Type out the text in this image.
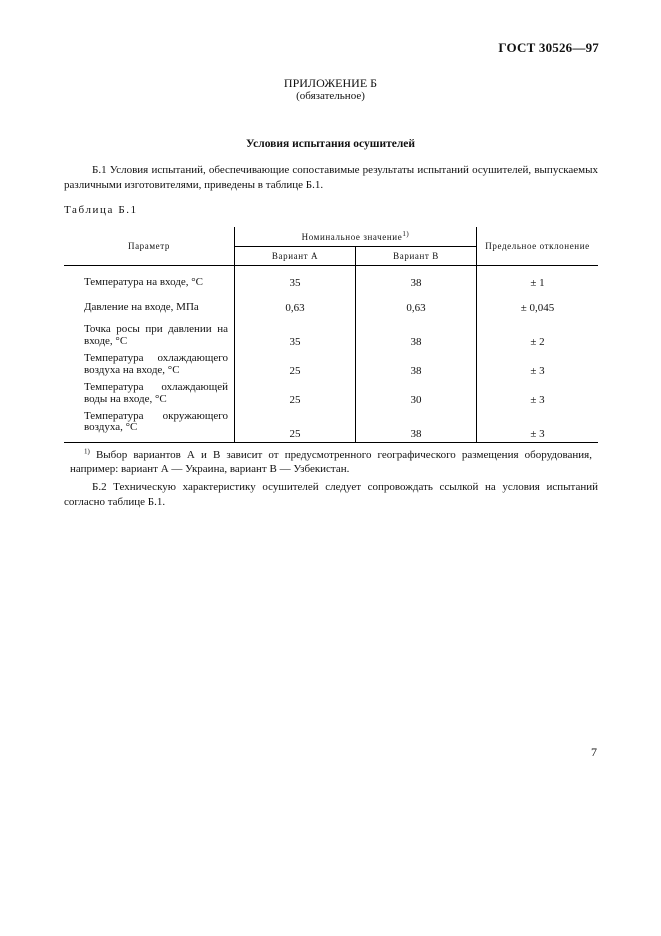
ГОСТ 30526—97
ПРИЛОЖЕНИЕ Б
(обязательное)
Условия испытания осушителей
Б.1 Условия испытаний, обеспечивающие сопоставимые результаты испытаний осушителей, выпускаемых различными изготовителями, приведены в таблице Б.1.
Таблица Б.1
Параметр	Номинальное значение$^{1)}$		Предельное отклонение
	Вариант А	Вариант В	
Температура на входе, °С	35	38	± 1
Давление на входе, МПа	0,63	0,63	± 0,045
Точка росы при давлении на входе, °С	35	38	± 2
Температура охлаждающего воздуха на входе, °С	25	38	± 3
Температура охлаждающей воды на входе, °С	25	30	± 3
Температура окружающего воздуха, °С	25	38	± 3
$^{1)}$ Выбор вариантов А и В зависит от предусмотренного географического размещения оборудования, например: вариант А — Украина, вариант В — Узбекистан.			
Б.2 Техническую характеристику осушителей следует сопровождать ссылкой на условия испытаний согласно таблице Б.1.
7
